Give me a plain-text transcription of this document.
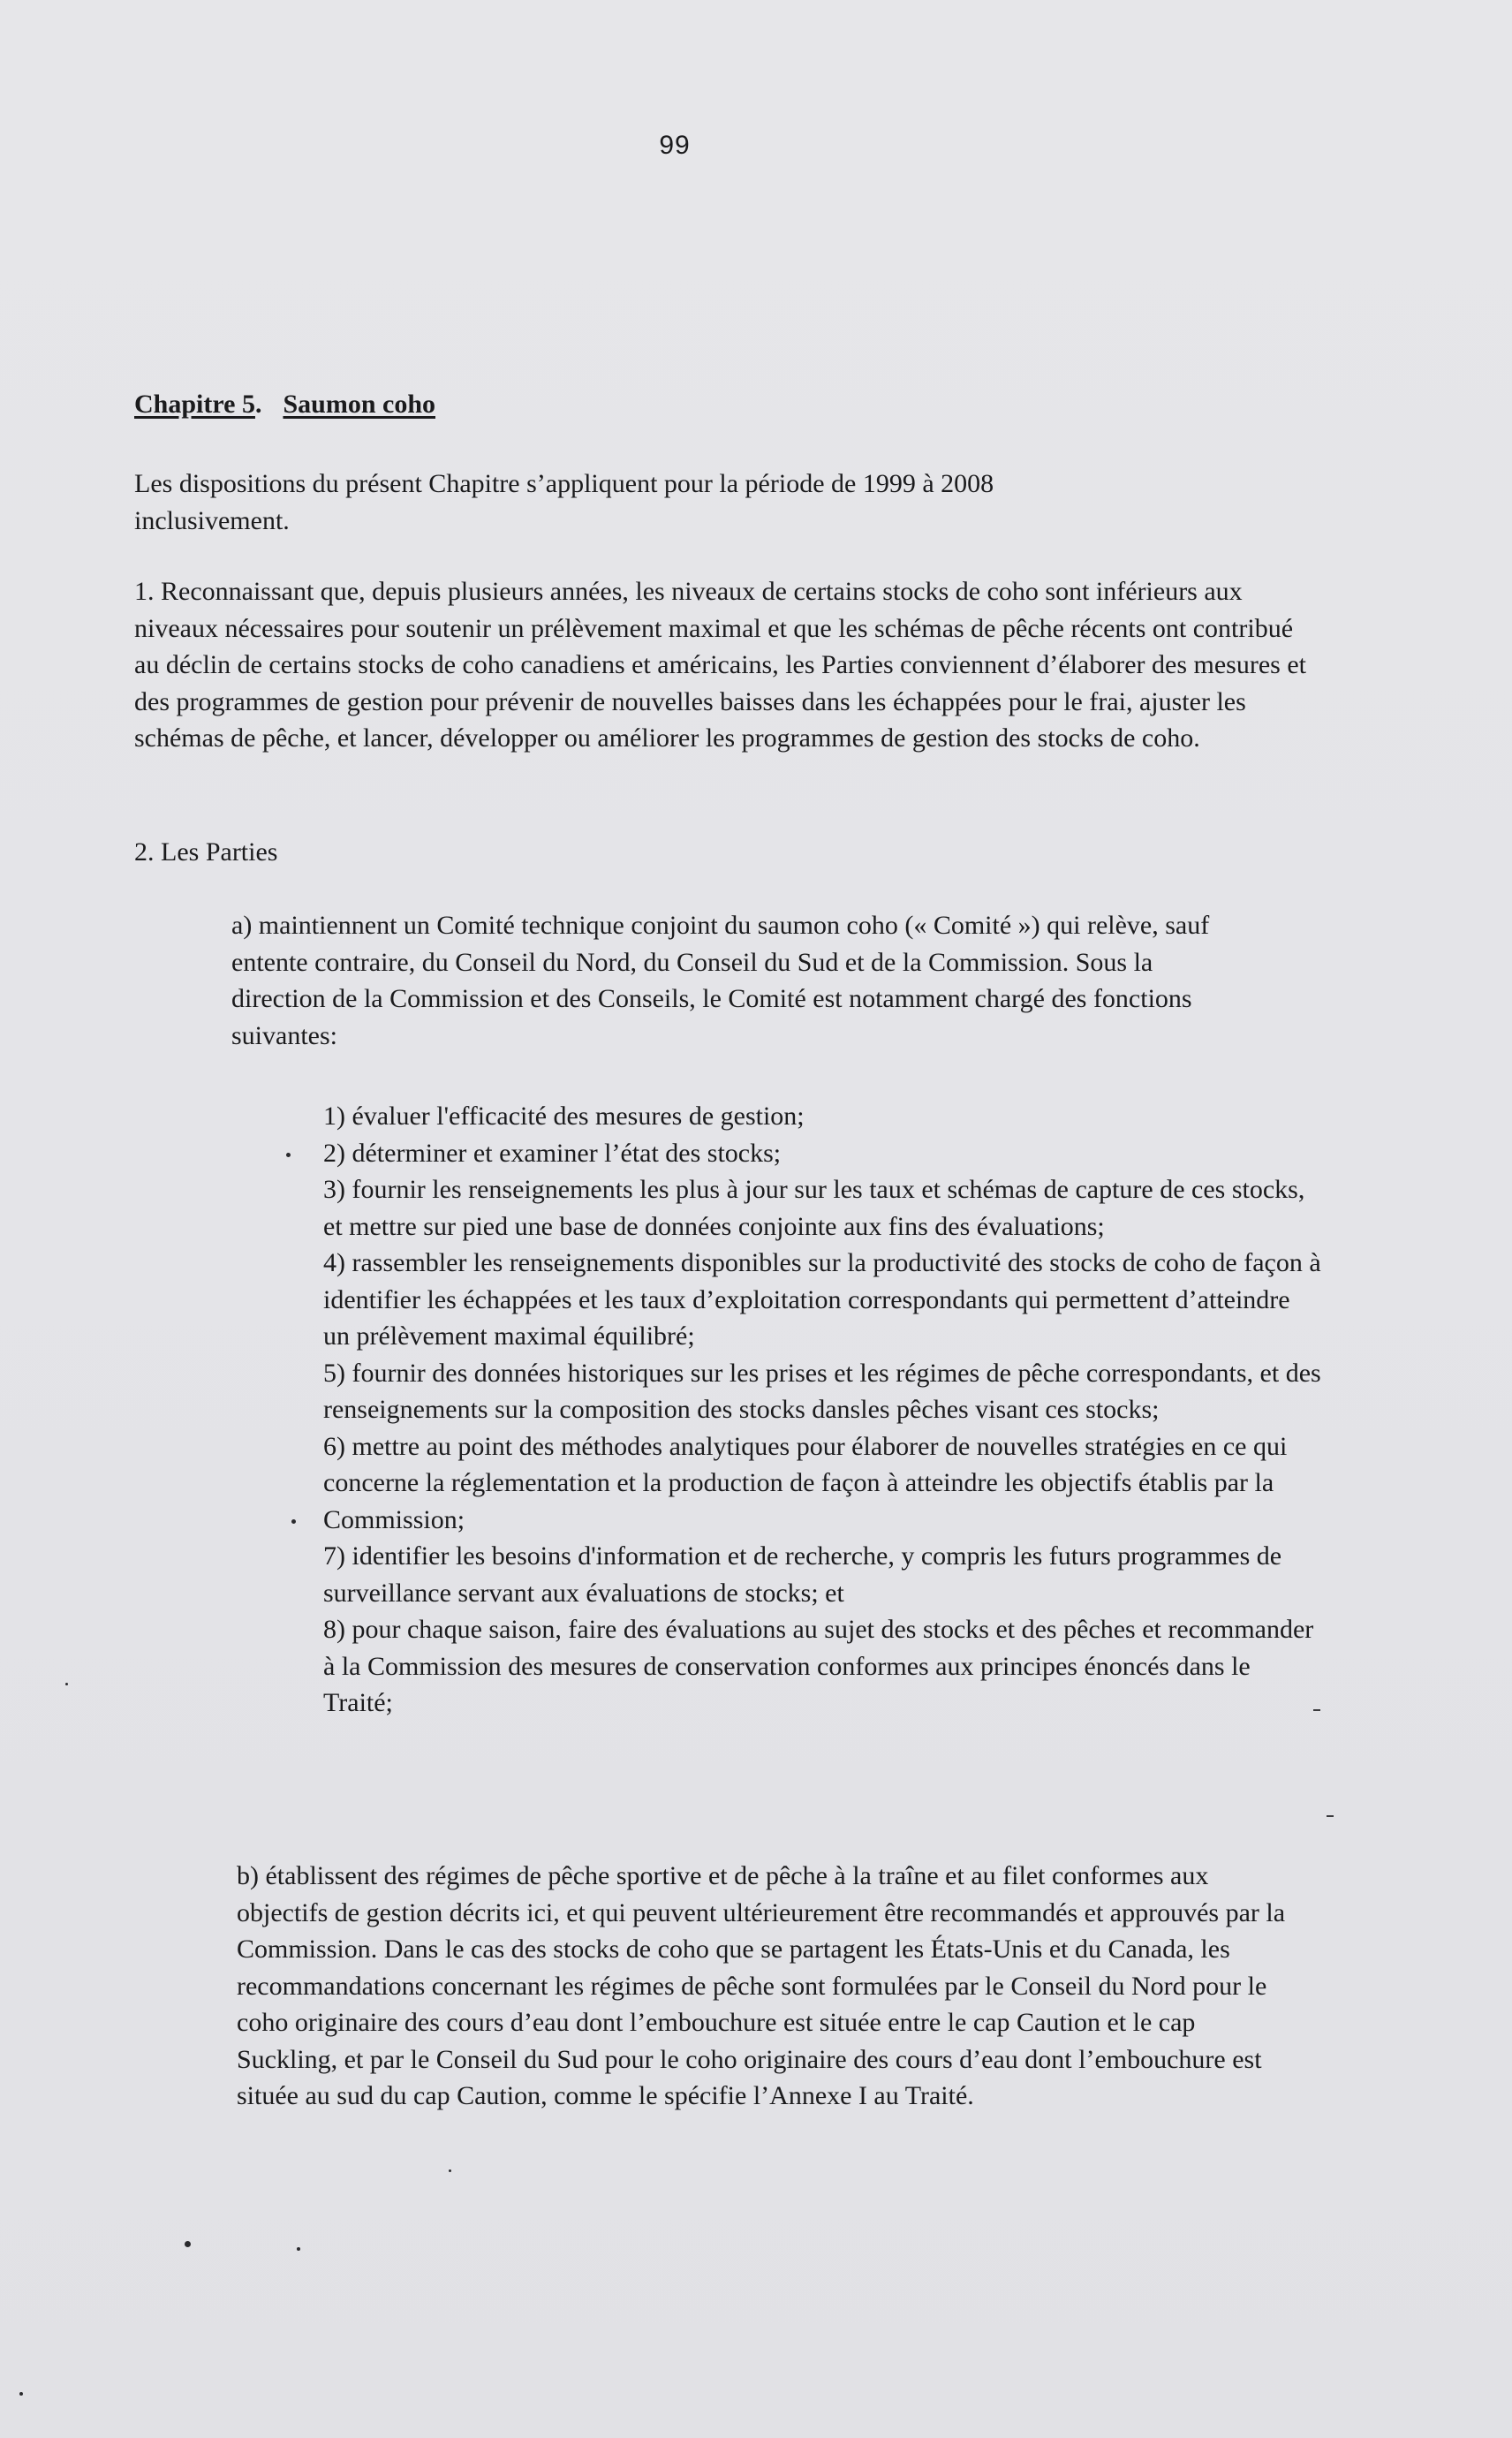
99
Chapitre 5. Saumon coho

Les dispositions du présent Chapitre s’appliquent pour la période de 1999 à 2008 inclusivement.

1. Reconnaissant que, depuis plusieurs années, les niveaux de certains stocks de coho sont inférieurs aux niveaux nécessaires pour soutenir un prélèvement maximal et que les schémas de pêche récents ont contribué au déclin de certains stocks de coho canadiens et américains, les Parties conviennent d’élaborer des mesures et des programmes de gestion pour prévenir de nouvelles baisses dans les échappées pour le frai, ajuster les schémas de pêche, et lancer, développer ou améliorer les programmes de gestion des stocks de coho.

2. Les Parties

a) maintiennent un Comité technique conjoint du saumon coho (« Comité ») qui relève, sauf entente contraire, du Conseil du Nord, du Conseil du Sud et de la Commission. Sous la direction de la Commission et des Conseils, le Comité est notamment chargé des fonctions suivantes:

1) évaluer l'efficacité des mesures de gestion;
2) déterminer et examiner l’état des stocks;
3) fournir les renseignements les plus à jour sur les taux et schémas de capture de ces stocks, et mettre sur pied une base de données conjointe aux fins des évaluations;
4) rassembler les renseignements disponibles sur la productivité des stocks de coho de façon à identifier les échappées et les taux d’exploitation correspondants qui permettent d’atteindre un prélèvement maximal équilibré;
5) fournir des données historiques sur les prises et les régimes de pêche correspondants, et des renseignements sur la composition des stocks dansles pêches visant ces stocks;
6) mettre au point des méthodes analytiques pour élaborer de nouvelles stratégies en ce qui concerne la réglementation et la production de façon à atteindre les objectifs établis par la Commission;
7) identifier les besoins d'information et de recherche, y compris les futurs programmes de surveillance servant aux évaluations de stocks; et
8) pour chaque saison, faire des évaluations au sujet des stocks et des pêches et recommander à la Commission des mesures de conservation conformes aux principes énoncés dans le Traité;

b) établissent des régimes de pêche sportive et de pêche à la traîne et au filet conformes aux objectifs de gestion décrits ici, et qui peuvent ultérieurement être recommandés et approuvés par la Commission. Dans le cas des stocks de coho que se partagent les États-Unis et du Canada, les recommandations concernant les régimes de pêche sont formulées par le Conseil du Nord pour le coho originaire des cours d’eau dont l’embouchure est située entre le cap Caution et le cap Suckling, et par le Conseil du Sud pour le coho originaire des cours d’eau dont l’embouchure est située au sud du cap Caution, comme le spécifie l’Annexe I au Traité.
